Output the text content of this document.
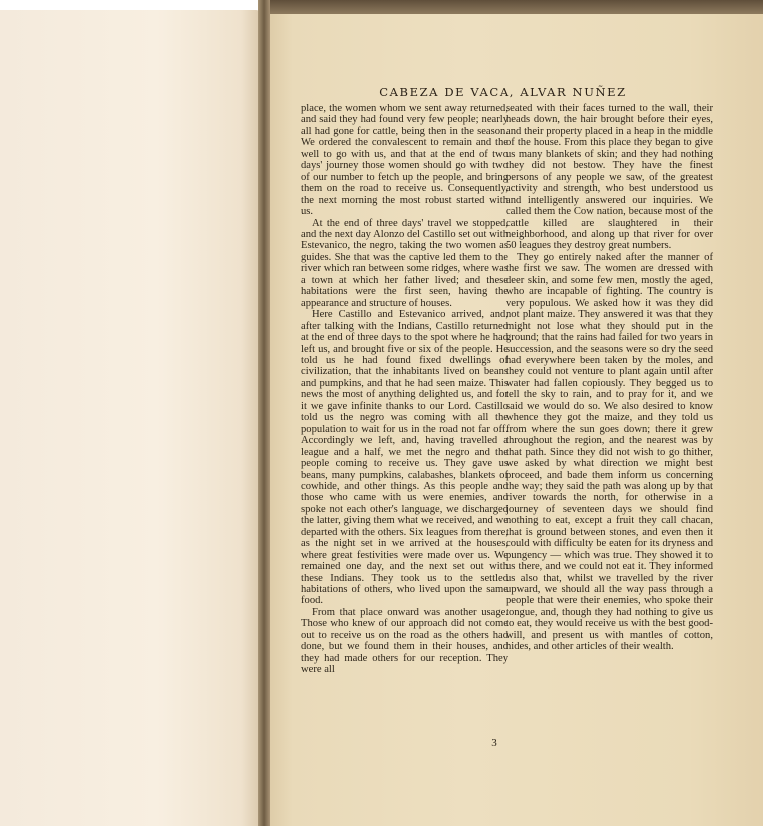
CABEZA DE VACA, ALVAR NUÑEZ

place, the women whom we sent away returned, and said they had found very few people; nearly all had gone for cattle, being then in the season. We ordered the convalescent to remain and the well to go with us, and that at the end of two days' journey those women should go with two of our number to fetch up the people, and bring them on the road to receive us. Consequently, the next morning the most robust started with us.

At the end of three days' travel we stopped, and the next day Alonzo del Castillo set out with Estevanico, the negro, taking the two women as guides. She that was the captive led them to the river which ran between some ridges, where was a town at which her father lived; and these habitations were the first seen, having the appearance and structure of houses.

Here Castillo and Estevanico arrived, and, after talking with the Indians, Castillo returned at the end of three days to the spot where he had left us, and brought five or six of the people. He told us he had found fixed dwellings of civilization, that the inhabitants lived on beans and pumpkins, and that he had seen maize. This news the most of anything delighted us, and for it we gave infinite thanks to our Lord. Castillo told us the negro was coming with all the population to wait for us in the road not far off. Accordingly we left, and, having travelled a league and a half, we met the negro and the people coming to receive us. They gave us beans, many pumpkins, calabashes, blankets of cowhide, and other things. As this people and those who came with us were enemies, and spoke not each other's language, we discharged the latter, giving them what we received, and we departed with the others. Six leagues from there, as the night set in we arrived at the houses, where great festivities were made over us. We remained one day, and the next set out with these Indians. They took us to the settled habitations of others, who lived upon the same food.

From that place onward was another usage. Those who knew of our approach did not come out to receive us on the road as the others had done, but we found them in their houses, and they had made others for our reception. They were all

seated with their faces turned to the wall, their heads down, the hair brought before their eyes, and their property placed in a heap in the middle of the house. From this place they began to give us many blankets of skin; and they had nothing they did not bestow. They have the finest persons of any people we saw, of the greatest activity and strength, who best understood us and intelligently answered our inquiries. We called them the Cow nation, because most of the cattle killed are slaughtered in their neighborhood, and along up that river for over 50 leagues they destroy great numbers.

They go entirely naked after the manner of the first we saw. The women are dressed with deer skin, and some few men, mostly the aged, who are incapable of fighting. The country is very populous. We asked how it was they did not plant maize. They answered it was that they might not lose what they should put in the ground; that the rains had failed for two years in succession, and the seasons were so dry the seed had everywhere been taken by the moles, and they could not venture to plant again until after water had fallen copiously. They begged us to tell the sky to rain, and to pray for it, and we said we would do so. We also desired to know whence they got the maize, and they told us from where the sun goes down; there it grew throughout the region, and the nearest was by that path. Since they did not wish to go thither, we asked by what direction we might best proceed, and bade them inform us concerning the way; they said the path was along up by that river towards the north, for otherwise in a journey of seventeen days we should find nothing to eat, except a fruit they call chacan, that is ground between stones, and even then it could with difficulty be eaten for its dryness and pungency — which was true. They showed it to us there, and we could not eat it. They informed us also that, whilst we travelled by the river upward, we should all the way pass through a people that were their enemies, who spoke their tongue, and, though they had nothing to give us to eat, they would receive us with the best good-will, and present us with mantles of cotton, hides, and other articles of their wealth.

3
